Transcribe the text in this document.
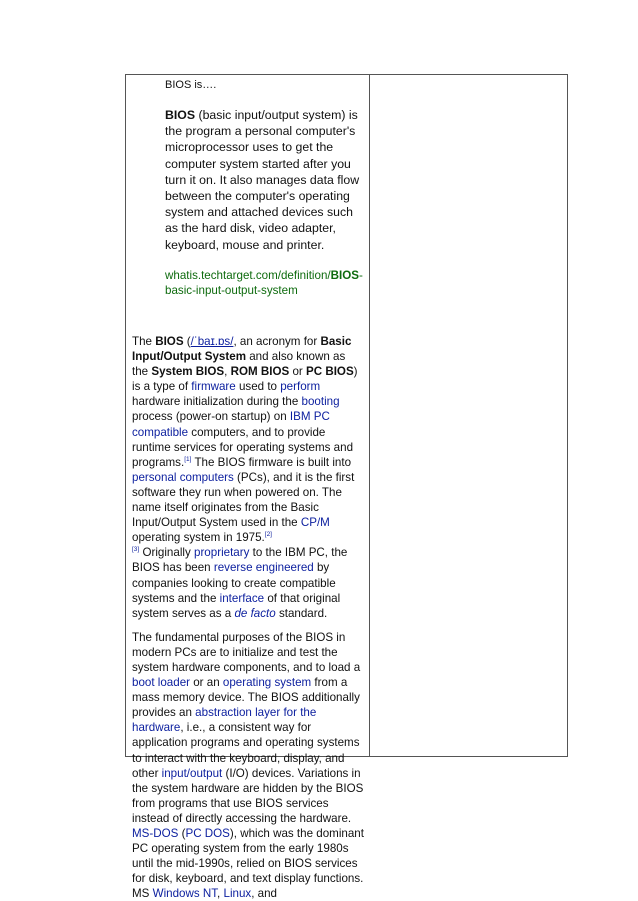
BIOS is….
BIOS (basic input/output system) is the program a personal computer's microprocessor uses to get the computer system started after you turn it on. It also manages data flow between the computer's operating system and attached devices such as the hard disk, video adapter, keyboard, mouse and printer.
whatis.techtarget.com/definition/BIOS-basic-input-output-system

The BIOS (/ˈbaɪ.ɒs/, an acronym for Basic Input/Output System and also known as the System BIOS, ROM BIOS or PC BIOS) is a type of firmware used to perform hardware initialization during the booting process (power-on startup) on IBM PC compatible computers, and to provide runtime services for operating systems and programs.[1] The BIOS firmware is built into personal computers (PCs), and it is the first software they run when powered on. The name itself originates from the Basic Input/Output System used in the CP/M operating system in 1975.[2]
[3] Originally proprietary to the IBM PC, the BIOS has been reverse engineered by companies looking to create compatible systems and the interface of that original system serves as a de facto standard.

The fundamental purposes of the BIOS in modern PCs are to initialize and test the system hardware components, and to load a boot loader or an operating system from a mass memory device. The BIOS additionally provides an abstraction layer for the hardware, i.e., a consistent way for application programs and operating systems to interact with the keyboard, display, and other input/output (I/O) devices. Variations in the system hardware are hidden by the BIOS from programs that use BIOS services instead of directly accessing the hardware. MS-DOS (PC DOS), which was the dominant PC operating system from the early 1980s until the mid-1990s, relied on BIOS services for disk, keyboard, and text display functions. MS Windows NT, Linux, and
